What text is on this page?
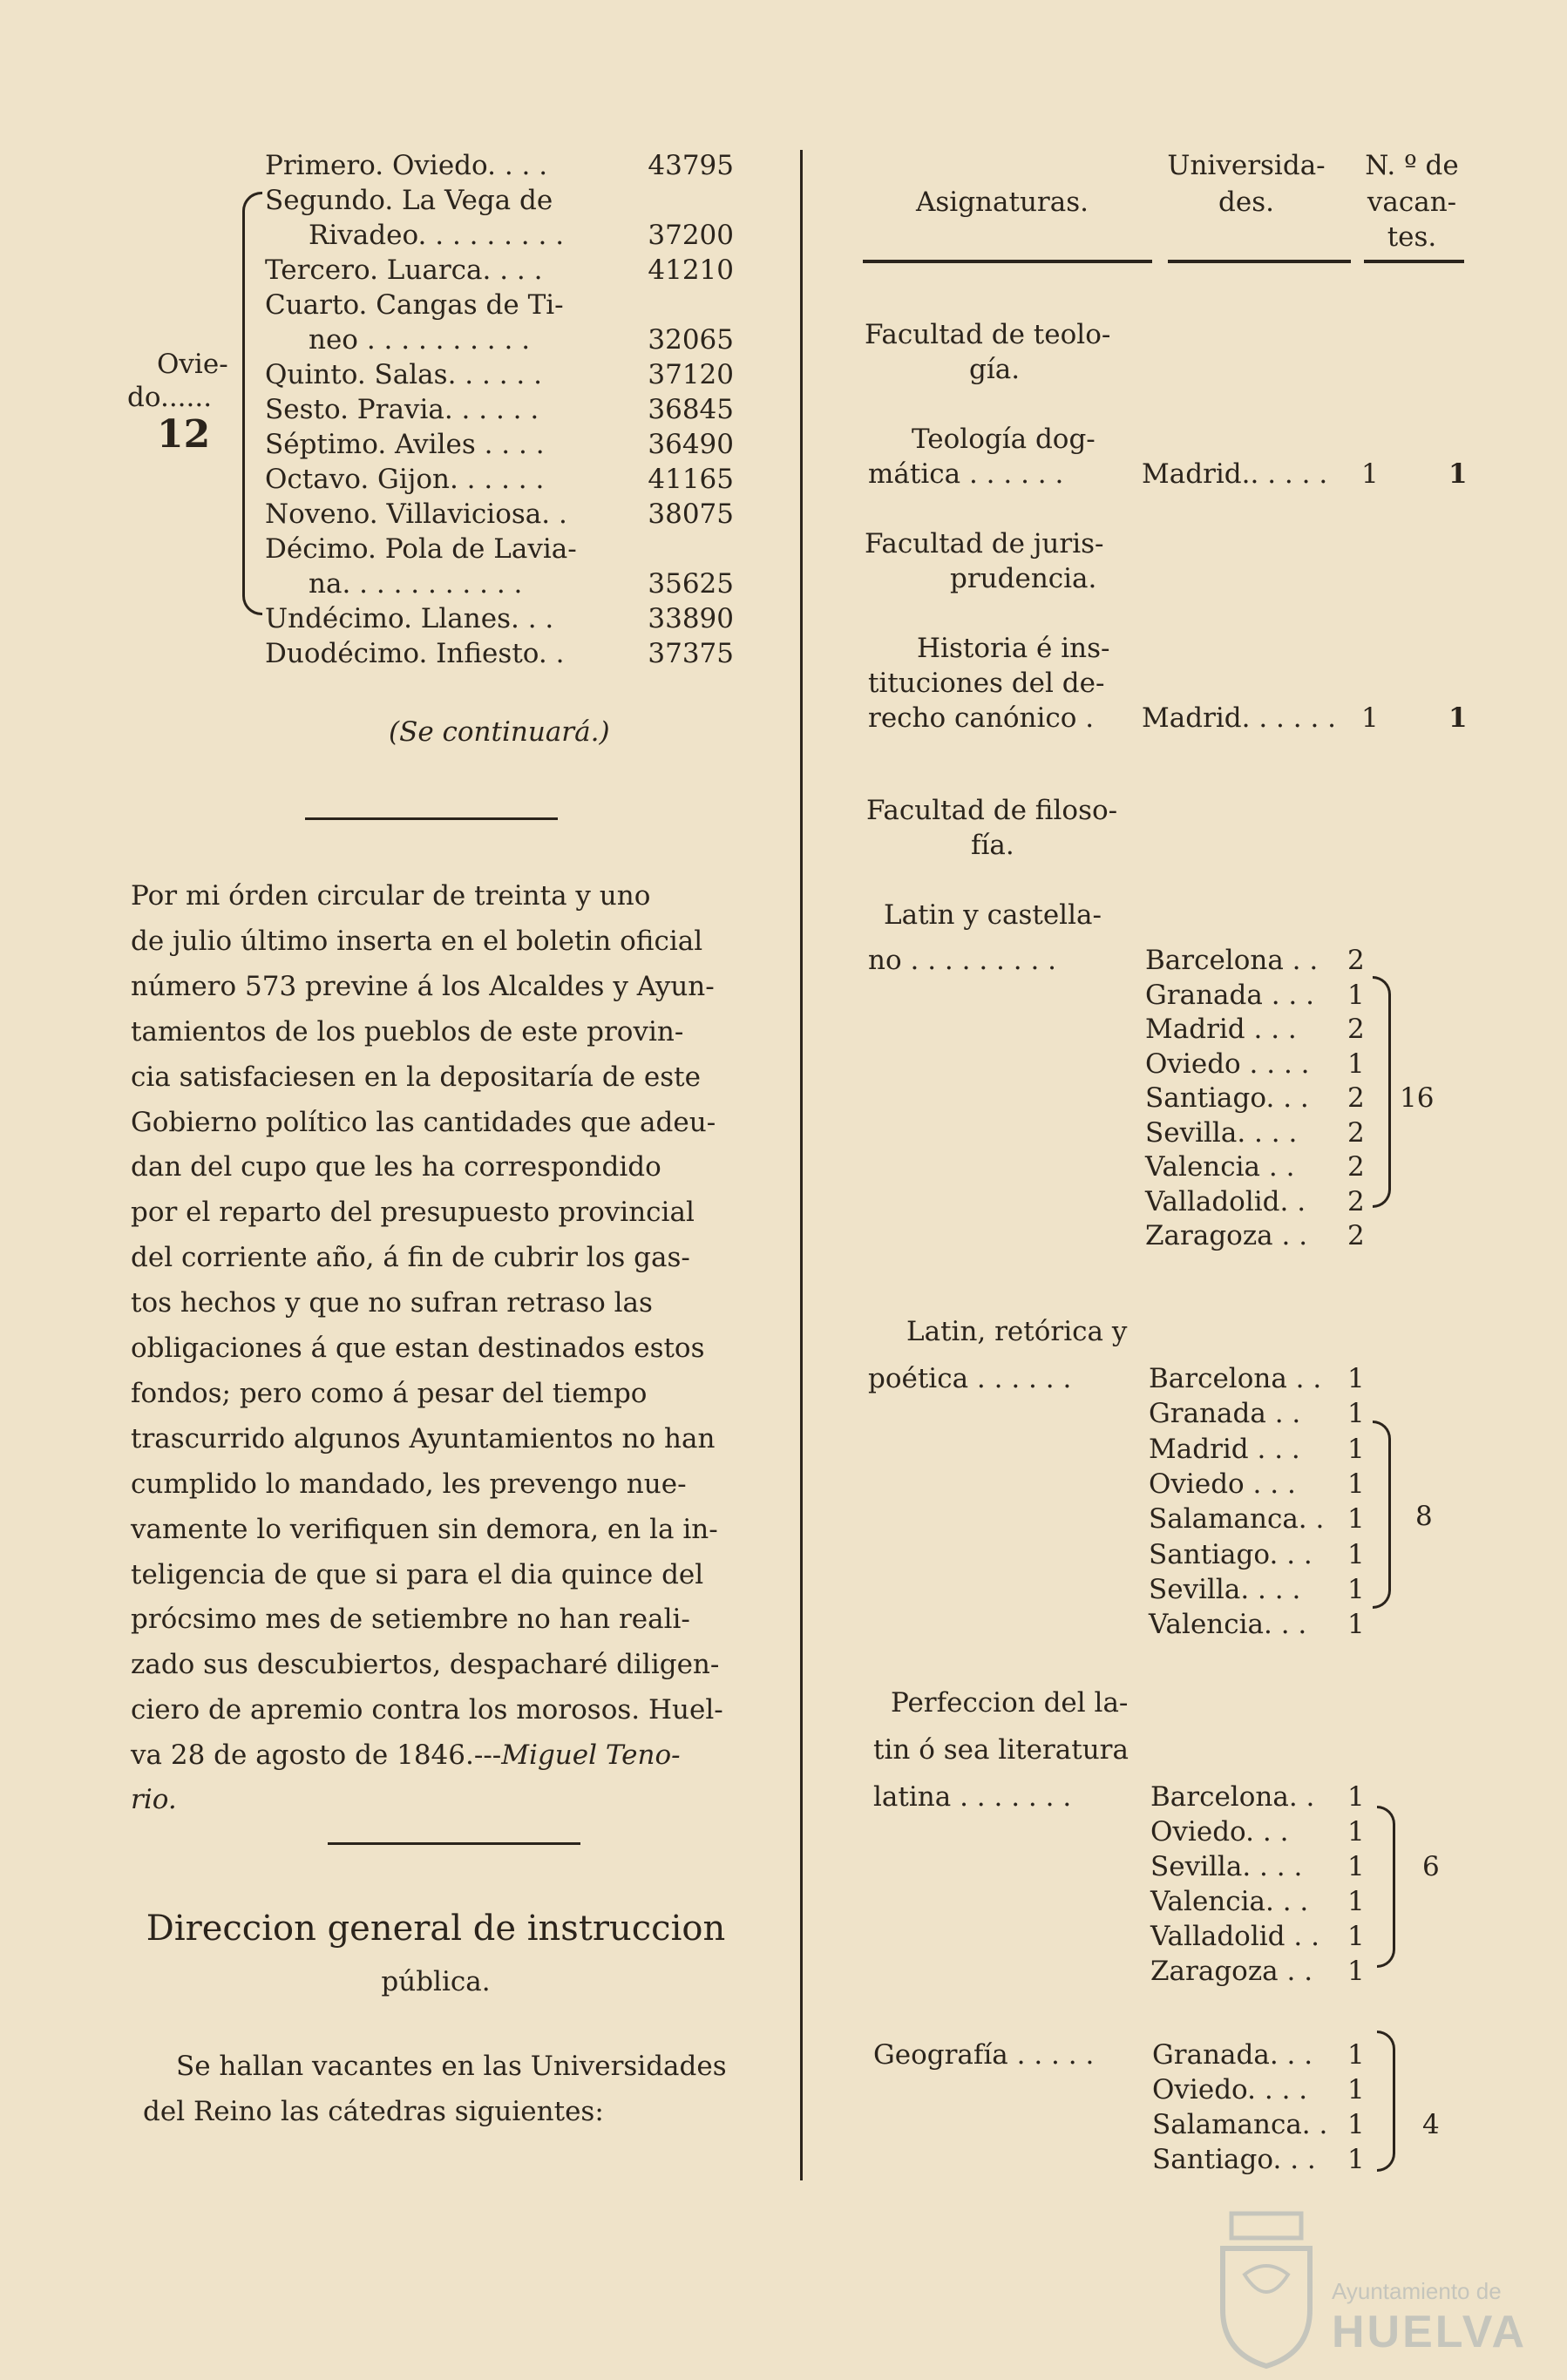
Ovie-
do......
12
Primero. Oviedo. . . .	43795
Segundo. La Vega de
Rivadeo. . . . . . . . .	37200
Tercero. Luarca. . . .	41210
Cuarto. Cangas de Ti-
neo . . . . . . . . . .	32065
Quinto. Salas. . . . . .	37120
Sesto. Pravia. . . . . .	36845
Séptimo. Aviles . . . .	36490
Octavo. Gijon. . . . . .	41165
Noveno. Villaviciosa. .	38075
Décimo. Pola de Lavia-
na. . . . . . . . . . .	35625
Undécimo. Llanes. . .	33890
Duodécimo. Infiesto. .	37375
(Se continuará.)
Por mi órden circular de treinta y uno
de julio último inserta en el boletin oficial
número 573 previne á los Alcaldes y Ayun-
tamientos de los pueblos de este provin-
cia satisfaciesen en la depositaría de este
Gobierno político las cantidades que adeu-
dan del cupo que les ha correspondido
por el reparto del presupuesto provincial
del corriente año, á fin de cubrir los gas-
tos hechos y que no sufran retraso las
obligaciones á que estan destinados estos
fondos; pero como á pesar del tiempo
trascurrido algunos Ayuntamientos no han
cumplido lo mandado, les prevengo nue-
vamente lo verifiquen sin demora, en la in-
teligencia de que si para el dia quince del
prócsimo mes de setiembre no han reali-
zado sus descubiertos, despacharé diligen-
ciero de apremio contra los morosos. Huel-
va 28 de agosto de 1846.---Miguel Teno-
rio.
Direccion general de instruccion
pública.
Se hallan vacantes en las Universidades
del Reino las cátedras siguientes:
Asignaturas.
Universida-
des.
N. º de
vacan-
tes.
Facultad de teolo-
gía.
Teología dog-
mática . . . . . .	Madrid.. . . . . 1	1
Facultad de juris-
prudencia.
Historia é ins-
tituciones del de-
recho canónico . Madrid. . . . . . 1	1
Facultad de filoso-
fía.
Latin y castella-
no . . . . . . . . .	Barcelona . . 2
Granada . . . 1
Madrid . . . 2
Oviedo . . . . 1
Santiago. . . 2
Sevilla. . . . 2
Valencia . . 2
Valladolid. . 2
Zaragoza . . 2
16
Latin, retórica y
poética . . . . . .	Barcelona . . 1
Granada . . 1
Madrid . . . 1
Oviedo . . . 1
Salamanca. . 1
Santiago. . . 1
Sevilla. . . . 1
Valencia. . . 1
8
Perfeccion del la-
tin ó sea literatura
latina . . . . . . .	Barcelona. . 1
Oviedo. . . 1
Sevilla. . . . 1
Valencia. . . 1
Valladolid . . 1
Zaragoza . . 1
6
Geografía . . . . . Granada. . . 1
Oviedo. . . . 1
Salamanca. . 1
Santiago. . . 1
4
Ayuntamiento de
HUELVA
